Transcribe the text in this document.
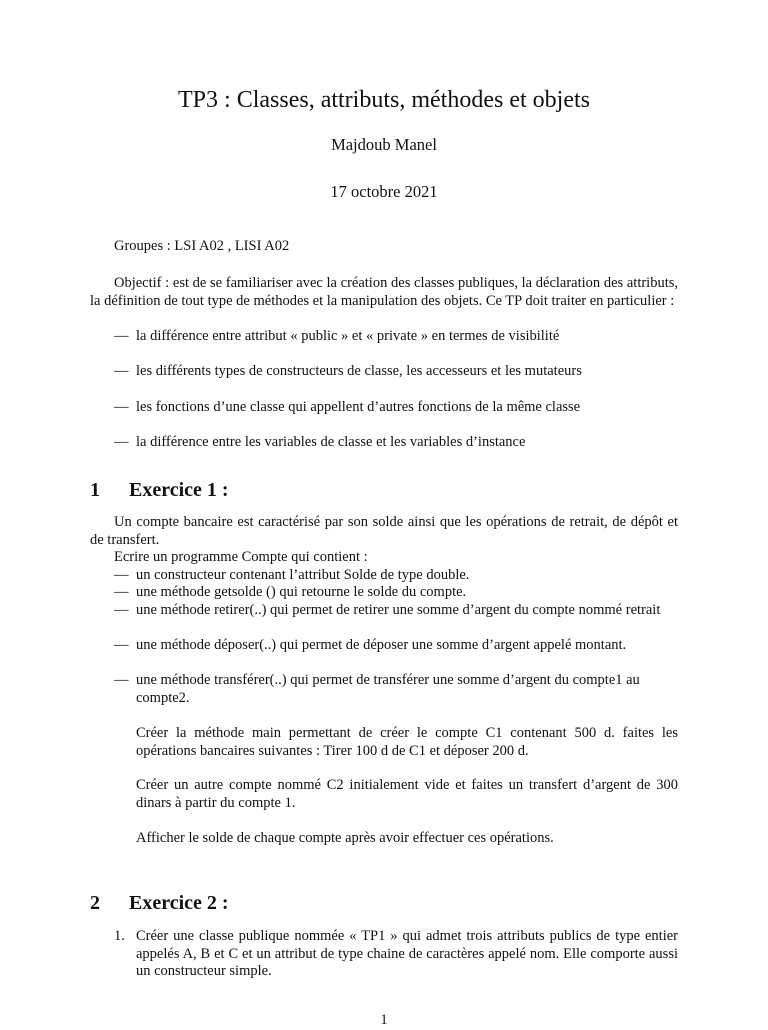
TP3 : Classes, attributs, méthodes et objets
Majdoub Manel
17 octobre 2021
Groupes : LSI A02 , LISI A02
Objectif : est de se familiariser avec la création des classes publiques, la déclaration des attributs, la définition de tout type de méthodes et la manipulation des objets. Ce TP doit traiter en particulier :
— la différence entre attribut « public » et « private » en termes de visibilité
— les différents types de constructeurs de classe, les accesseurs et les mutateurs
— les fonctions d’une classe qui appellent d’autres fonctions de la même classe
— la différence entre les variables de classe et les variables d’instance
1 Exercice 1 :
Un compte bancaire est caractérisé par son solde ainsi que les opérations de retrait, de dépôt et de transfert.
Ecrire un programme Compte qui contient :
— un constructeur contenant l’attribut Solde de type double.
— une méthode getsolde () qui retourne le solde du compte.
— une méthode retirer(..) qui permet de retirer une somme d’argent du compte nommé retrait
— une méthode déposer(..) qui permet de déposer une somme d’argent appelé montant.
— une méthode transférer(..) qui permet de transférer une somme d’argent du compte1 au compte2.
Créer la méthode main permettant de créer le compte C1 contenant 500 d. faites les opérations bancaires suivantes : Tirer 100 d de C1 et déposer 200 d.
Créer un autre compte nommé C2 initialement vide et faites un transfert d’argent de 300 dinars à partir du compte 1.
Afficher le solde de chaque compte après avoir effectuer ces opérations.
2 Exercice 2 :
1. Créer une classe publique nommée « TP1 » qui admet trois attributs publics de type entier appelés A, B et C et un attribut de type chaine de caractères appelé nom. Elle comporte aussi un constructeur simple.
1
